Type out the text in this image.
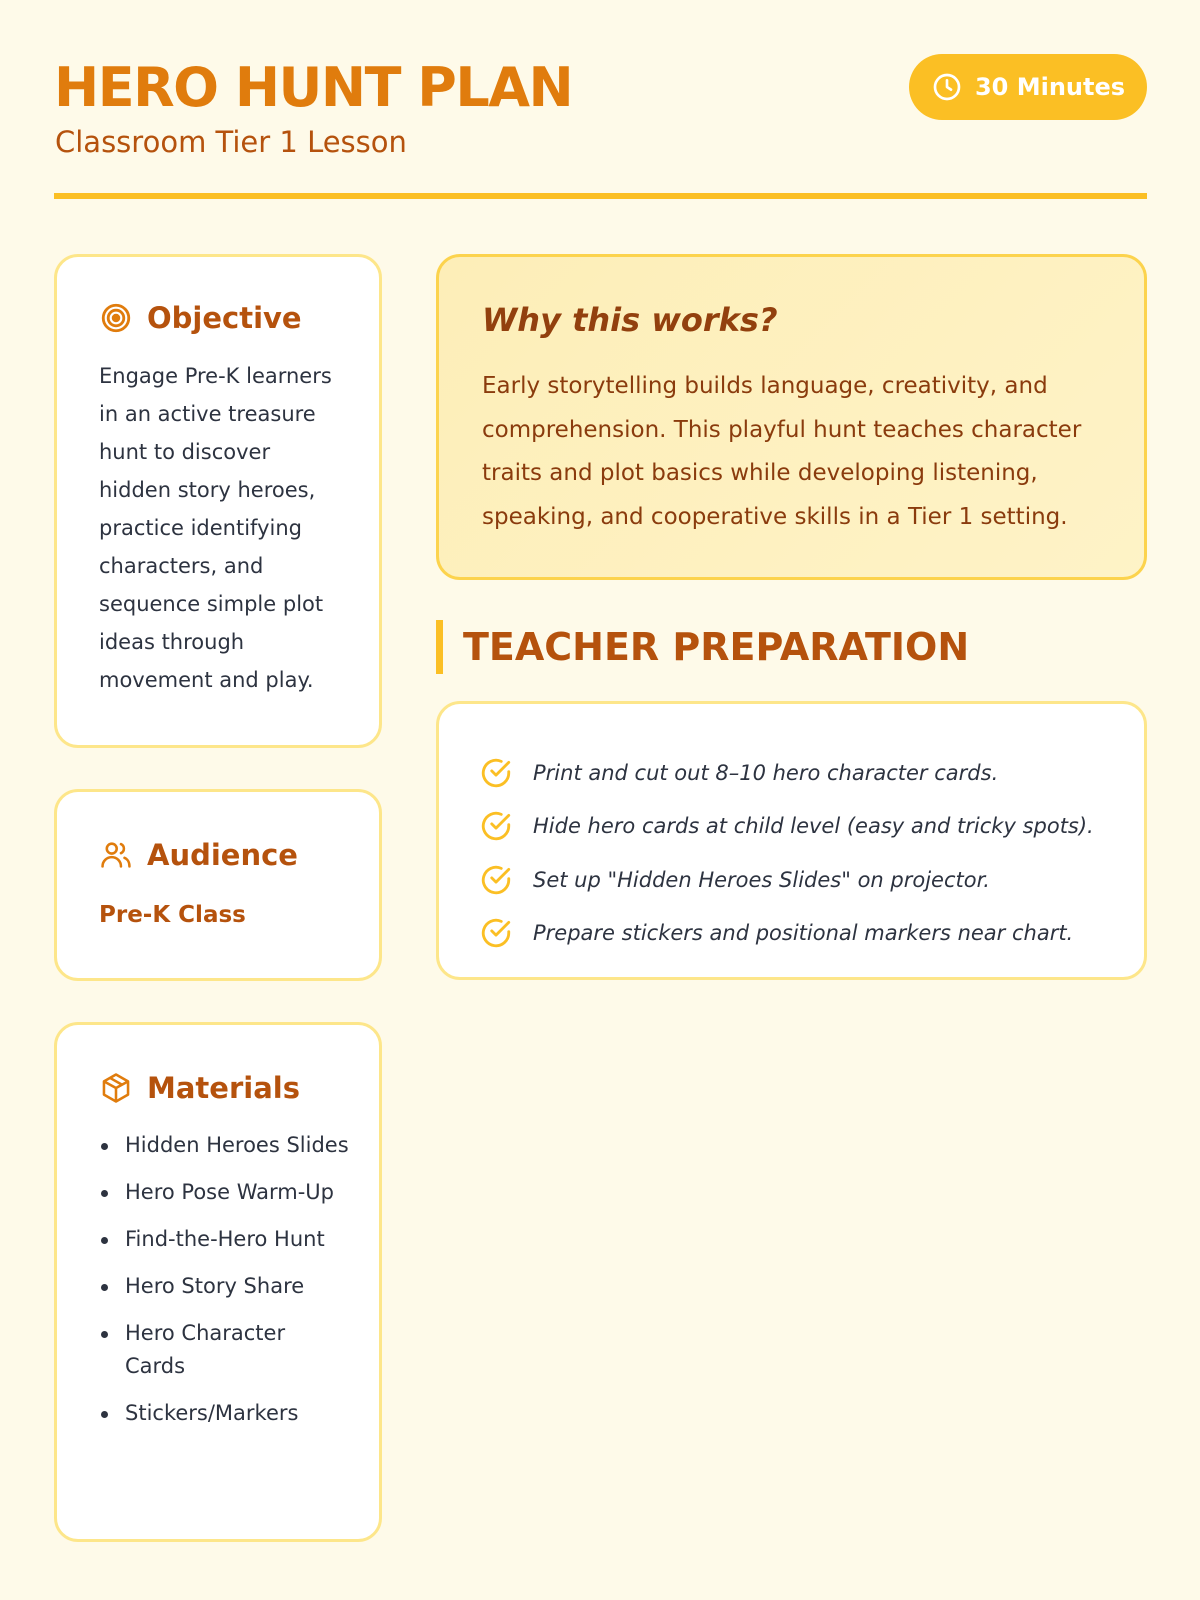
HERO HUNT PLAN
Classroom Tier 1 Lesson
30 Minutes
Objective
Engage Pre-K learners in an active treasure hunt to discover hidden story heroes, practice identifying characters, and sequence simple plot ideas through movement and play.
Audience
Pre-K Class
Materials
Hidden Heroes Slides
Hero Pose Warm-Up
Find-the-Hero Hunt
Hero Story Share
Hero Character Cards
Stickers/Markers
Why this works?

Early storytelling builds language, creativity, and comprehension. This playful hunt teaches character traits and plot basics while developing listening, speaking, and cooperative skills in a Tier 1 setting.

TEACHER PREPARATION
Print and cut out 8–10 hero character cards.
Hide hero cards at child level (easy and tricky spots).
Set up "Hidden Heroes Slides" on projector.
Prepare stickers and positional markers near chart.
